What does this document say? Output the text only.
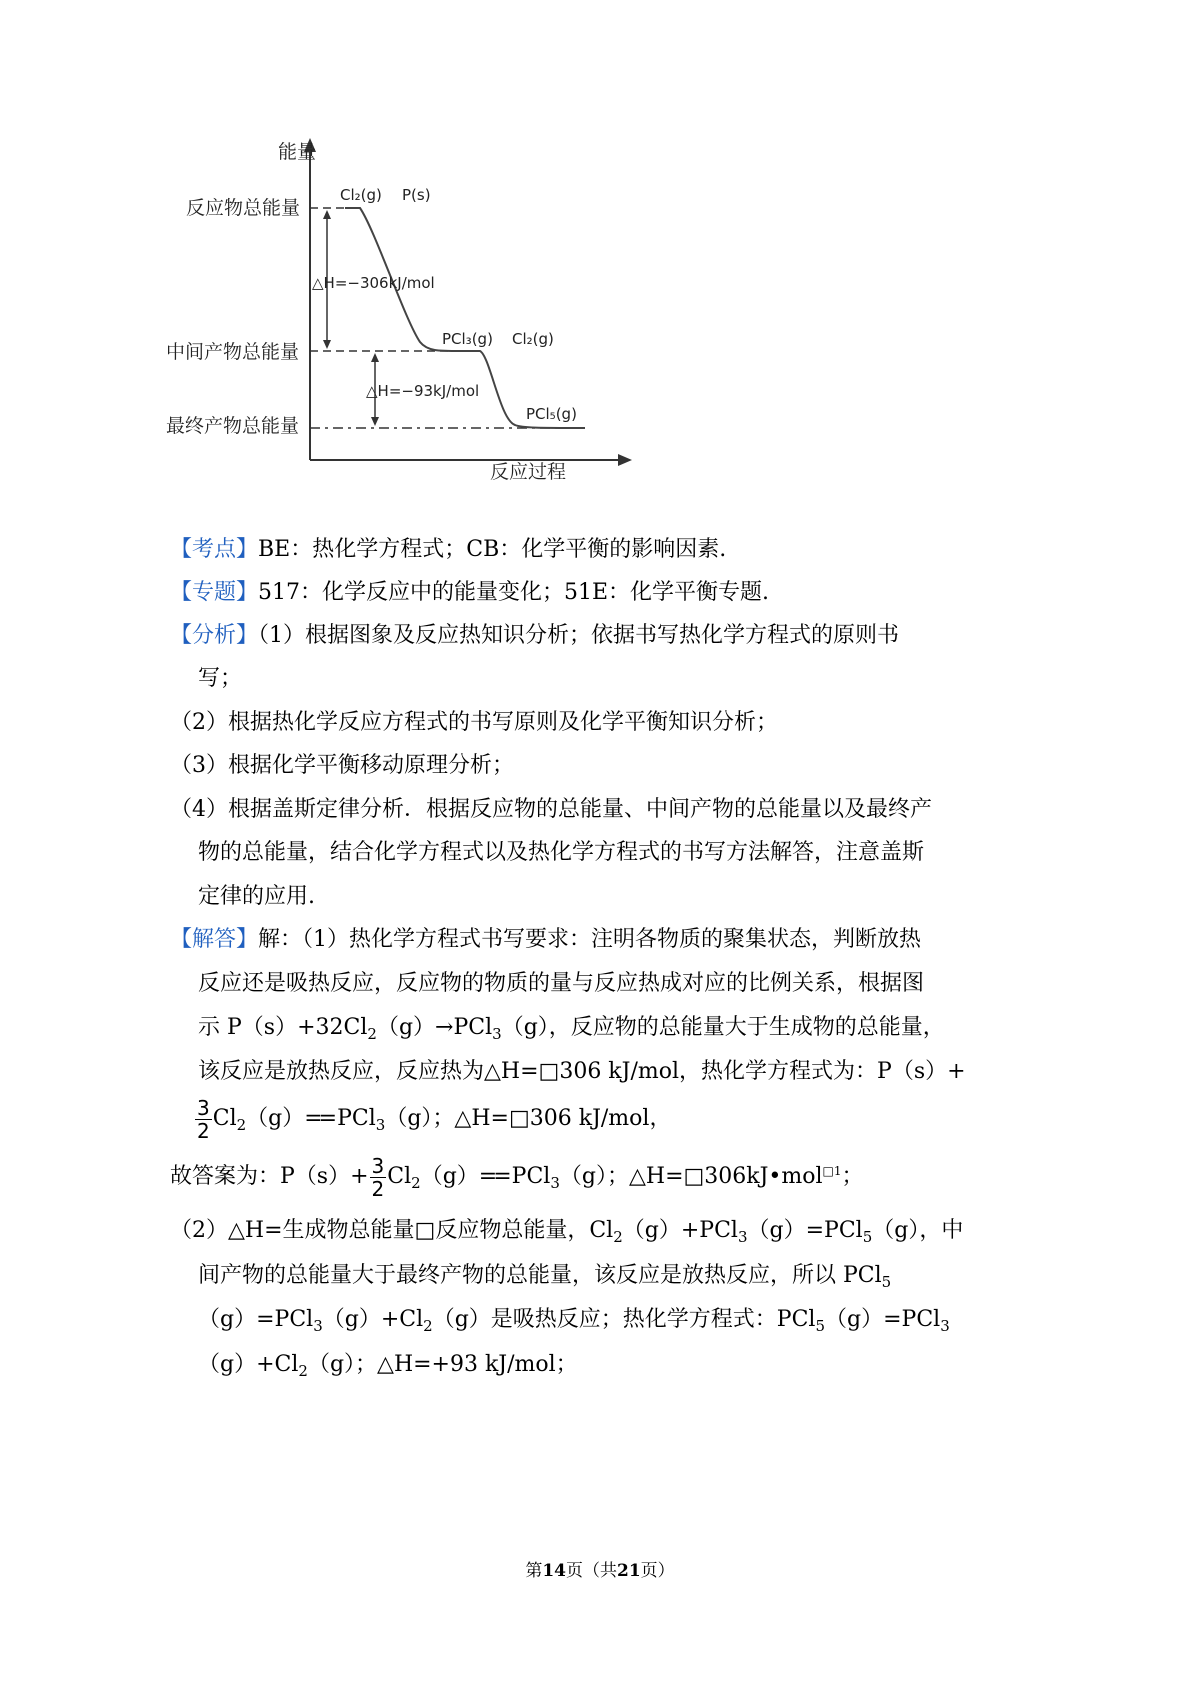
能量
反应过程
反应物总能量
中间产物总能量
最终产物总能量
△H=−306kJ/mol
△H=−93kJ/mol
Cl₂(g) P(s)
PCl₃(g) Cl₂(g)
PCl₅(g)
【考点】BE：热化学方程式；CB：化学平衡的影响因素.
【专题】517：化学反应中的能量变化；51E：化学平衡专题.
【分析】（1）根据图象及反应热知识分析；依据书写热化学方程式的原则书
写；
（2）根据热化学反应方程式的书写原则及化学平衡知识分析；
（3）根据化学平衡移动原理分析；
（4）根据盖斯定律分析．根据反应物的总能量、中间产物的总能量以及最终产
物的总能量，结合化学方程式以及热化学方程式的书写方法解答，注意盖斯
定律的应用.
【解答】解：（1）热化学方程式书写要求：注明各物质的聚集状态，判断放热
反应还是吸热反应，反应物的物质的量与反应热成对应的比例关系，根据图
示 $P(s)+32Cl_2(g)\to PCl_3(g)$，反应物的总能量大于生成物的总能量，
该反应是放热反应，反应热为△H=□306 kJ/mol，热化学方程式为：P（s）+
$\frac{3}{2} Cl_2(g)== PCl_3(g)$；△H=□306 kJ/mol，
故答案为：$P(s)+ \frac{3}{2} Cl_2(g)== PCl_3(g)$；△H=□306kJ•mol$^{□1}$；
（2）△H=生成物总能量□反应物总能量，$Cl_2(g)+PCl_3(g)=PCl_5(g)$，中
间产物的总能量大于最终产物的总能量，该反应是放热反应，所以 PCl$_5$
$(g)=PCl_3(g)+Cl_2(g)$是吸热反应；热化学方程式：PCl$_5$（g）=PCl$_3$
$(g)+Cl_2(g)$；△H=+93 kJ/mol；
第14页（共21页）
